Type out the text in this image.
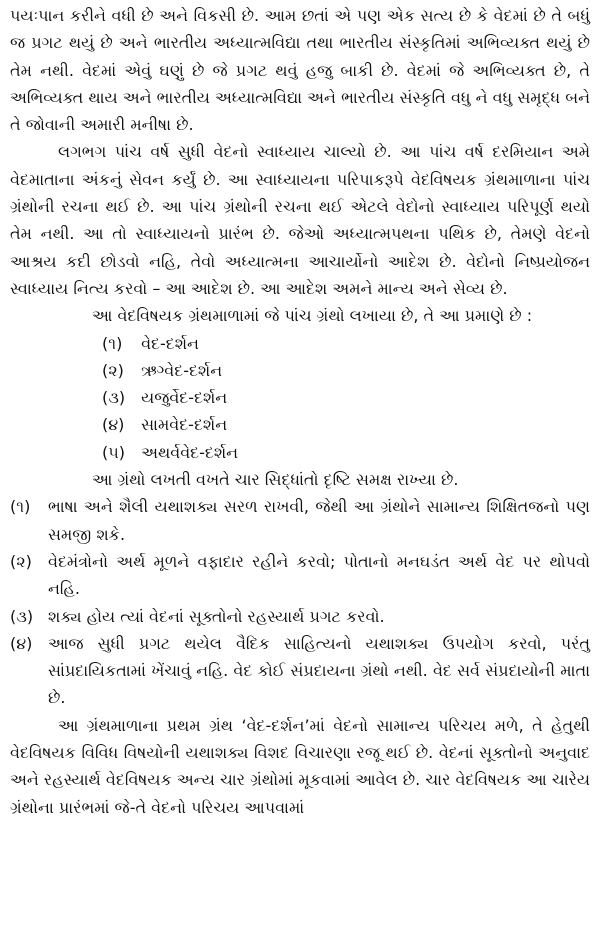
પયઃપાન કરીને વધી છે અને વિકસી છે. આમ છતાં એ પણ એક સત્ય છે કે વેદમાં છે તે બધું જ પ્રગટ થયું છે અને ભારતીય અધ્યાત્મવિદ્યા તથા ભારતીય સંસ્કૃતિમાં અભિવ્યક્ત થયું છે તેમ નથી. વેદમાં એવું ઘણું છે જે પ્રગટ થવું હજુ બાકી છે. વેદમાં જે અભિવ્યક્ત છે, તે અભિવ્યક્ત થાય અને ભારતીય અધ્યાત્મવિદ્યા અને ભારતીય સંસ્કૃતિ વધુ ને વધુ સમૃદ્ધ બને તે જોવાની અમારી મનીષા છે.

લગભગ પાંચ વર્ષ સુધી વેદનો સ્વાધ્યાય ચાલ્યો છે. આ પાંચ વર્ષ દરમિયાન અમે વેદમાતાના અંકનું સેવન કર્યું છે. આ સ્વાધ્યાયના પરિપાકરૂપે વેદવિષયક ગ્રંથમાળાના પાંચ ગ્રંથોની રચના થઈ છે. આ પાંચ ગ્રંથોની રચના થઈ એટલે વેદોનો સ્વાધ્યાય પરિપૂર્ણ થયો તેમ નથી. આ તો સ્વાધ્યાયનો પ્રારંભ છે. જેઓ અધ્યાત્મપથના પથિક છે, તેમણે વેદનો આશ્રય કદી છોડવો નહિ, તેવો અધ્યાત્મના આચાર્યોનો આદેશ છે. વેદોનો નિષ્પ્રયોજન સ્વાધ્યાય નિત્ય કરવો – આ આદેશ છે. આ આદેશ અમને માન્ય અને સેવ્ય છે.

આ વેદવિષયક ગ્રંથમાળામાં જે પાંચ ગ્રંથો લખાયા છે, તે આ પ્રમાણે છે :

(૧) વેદ-દર્શન

(૨) ઋગ્વેદ-દર્શન

(૩) યજુર્વેદ-દર્શન

(૪) સામવેદ-દર્શન

(૫) અથર્વવેદ-દર્શન

આ ગ્રંથો લખતી વખતે ચાર સિદ્ધાંતો દૃષ્ટિ સમક્ષ રાખ્યા છે.

(૧) ભાષા અને શૈલી યથાશક્ય સરળ રાખવી, જેથી આ ગ્રંથોને સામાન્ય શિક્ષિતજનો પણ સમજી શકે.

(૨) વેદમંત્રોનો અર્થ મૂળને વફાદાર રહીને કરવો; પોતાનો મનઘડંત અર્થ વેદ પર થોપવો નહિ.

(૩) શક્ય હોય ત્યાં વેદનાં સૂક્તોનો રહસ્યાર્થ પ્રગટ કરવો.

(૪) આજ સુધી પ્રગટ થયેલ વૈદિક સાહિત્યનો યથાશક્ય ઉપયોગ કરવો, પરંતુ સાંપ્રદાયિકતામાં ખેંચાવું નહિ. વેદ કોઈ સંપ્રદાયના ગ્રંથો નથી. વેદ સર્વ સંપ્રદાયોની માતા છે.

આ ગ્રંથમાળાના પ્રથમ ગ્રંથ ‘વેદ-દર્શન’માં વેદનો સામાન્ય પરિચય મળે, તે હેતુથી વેદવિષયક વિવિધ વિષયોની યથાશક્ય વિશદ વિચારણા રજૂ થઈ છે. વેદનાં સૂક્તોનો અનુવાદ અને રહસ્યાર્થ વેદવિષયક અન્ય ચાર ગ્રંથોમાં મૂકવામાં આવેલ છે. ચાર વેદવિષયક આ ચારેય ગ્રંથોના પ્રારંભમાં જે-તે વેદનો પરિચય આપવામાં
